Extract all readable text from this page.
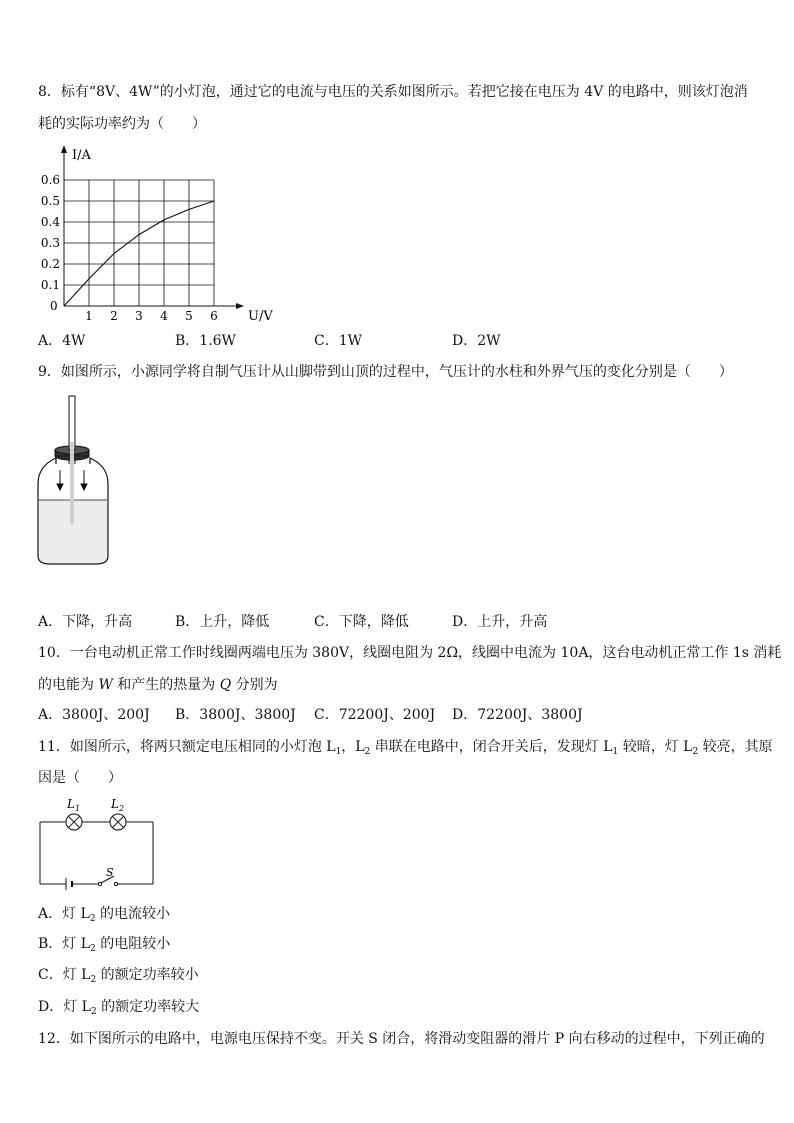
8．标有“8V、4W”的小灯泡，通过它的电流与电压的关系如图所示。若把它接在电压为 4V 的电路中，则该灯泡消
耗的实际功率约为（　　）
1 2 3 4 5 6
0.1
0.2
0.3
0.4
0.5
0.6
I/A
U/V
0
A．4W	B．1.6W	C．1W	D．2W
9．如图所示，小源同学将自制气压计从山脚带到山顶的过程中，气压计的水柱和外界气压的变化分别是（　　）
A．下降，升高	B．上升，降低	C．下降，降低	D．上升，升高
10．一台电动机正常工作时线圈两端电压为 380V，线圈电阻为 2Ω，线圈中电流为 10A，这台电动机正常工作 1s 消耗
的电能为 W 和产生的热量为 Q 分别为
A．3800J、200J B．3800J、3800J C．72200J、200J D．72200J、3800J
11．如图所示，将两只额定电压相同的小灯泡 $L_1$，$L_2$ 串联在电路中，闭合开关后，发现灯 $L_1$ 较暗，灯 $L_2$ 较亮，其原
因是（　　）
$L_1$	$L_2$
S
A．灯 $L_2$ 的电流较小
B．灯 $L_2$ 的电阻较小
C．灯 $L_2$ 的额定功率较小
D．灯 $L_2$ 的额定功率较大
12．如下图所示的电路中，电源电压保持不变。开关 S 闭合，将滑动变阻器的滑片 P 向右移动的过程中，下列正确的
